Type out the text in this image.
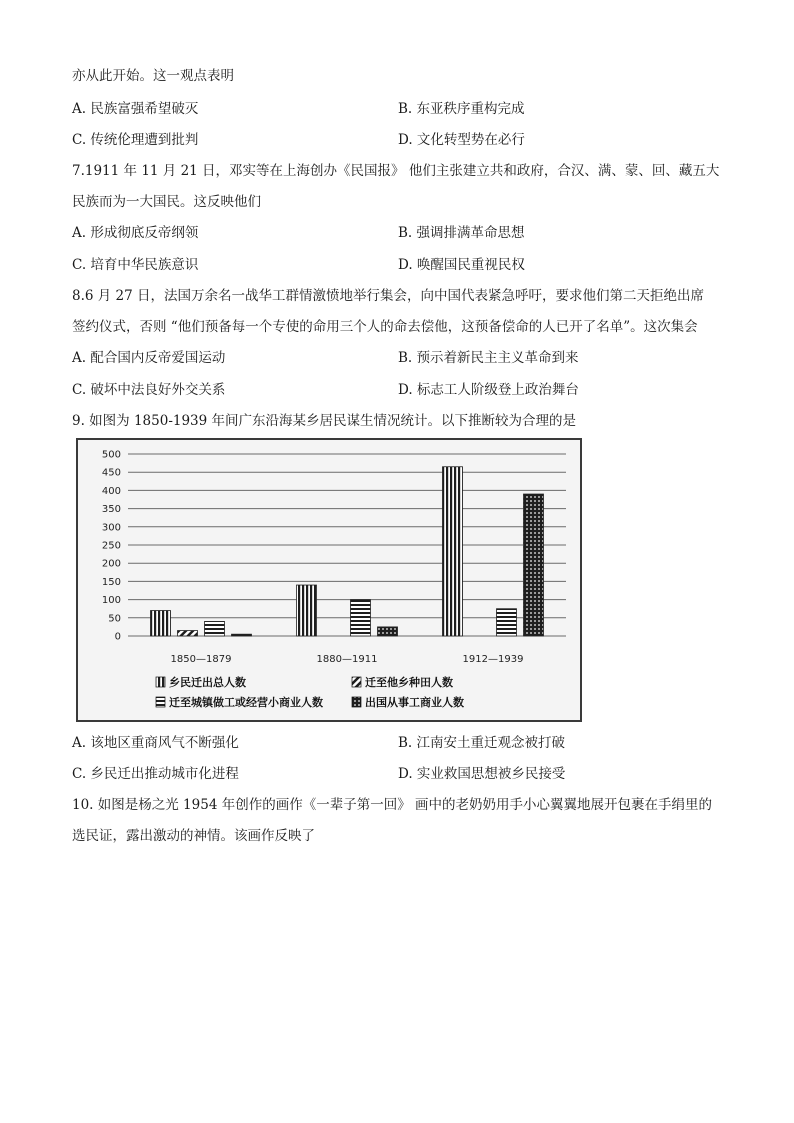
亦从此开始。这一观点表明
A. 民族富强希望破灭	B. 东亚秩序重构完成
C. 传统伦理遭到批判	D. 文化转型势在必行
7.1911 年 11 月 21 日，邓实等在上海创办《民国报》 他们主张建立共和政府，合汉、满、蒙、回、藏五大
民族而为一大国民。这反映他们
A. 形成彻底反帝纲领	B. 强调排满革命思想
C. 培育中华民族意识	D. 唤醒国民重视民权
8.6 月 27 日，法国万余名一战华工群情激愤地举行集会，向中国代表紧急呼吁，要求他们第二天拒绝出席
签约仪式，否则 “他们预备每一个专使的命用三个人的命去偿他，这预备偿命的人已开了名单”。这次集会
A. 配合国内反帝爱国运动	B. 预示着新民主主义革命到来
C. 破坏中法良好外交关系	D. 标志工人阶级登上政治舞台
9. 如图为 1850-1939 年间广东沿海某乡居民谋生情况统计。以下推断较为合理的是
0
50
100
150
200
250
300
350
400
450
500
1850—1879	1880—1911	1912—1939
乡民迁出总人数	迁至他乡种田人数
迁至城镇做工或经营小商业人数	出国从事工商业人数
A. 该地区重商风气不断强化	B. 江南安土重迁观念被打破
C. 乡民迁出推动城市化进程	D. 实业救国思想被乡民接受
10. 如图是杨之光 1954 年创作的画作《一辈子第一回》 画中的老奶奶用手小心翼翼地展开包裹在手绢里的
选民证，露出激动的神情。该画作反映了
